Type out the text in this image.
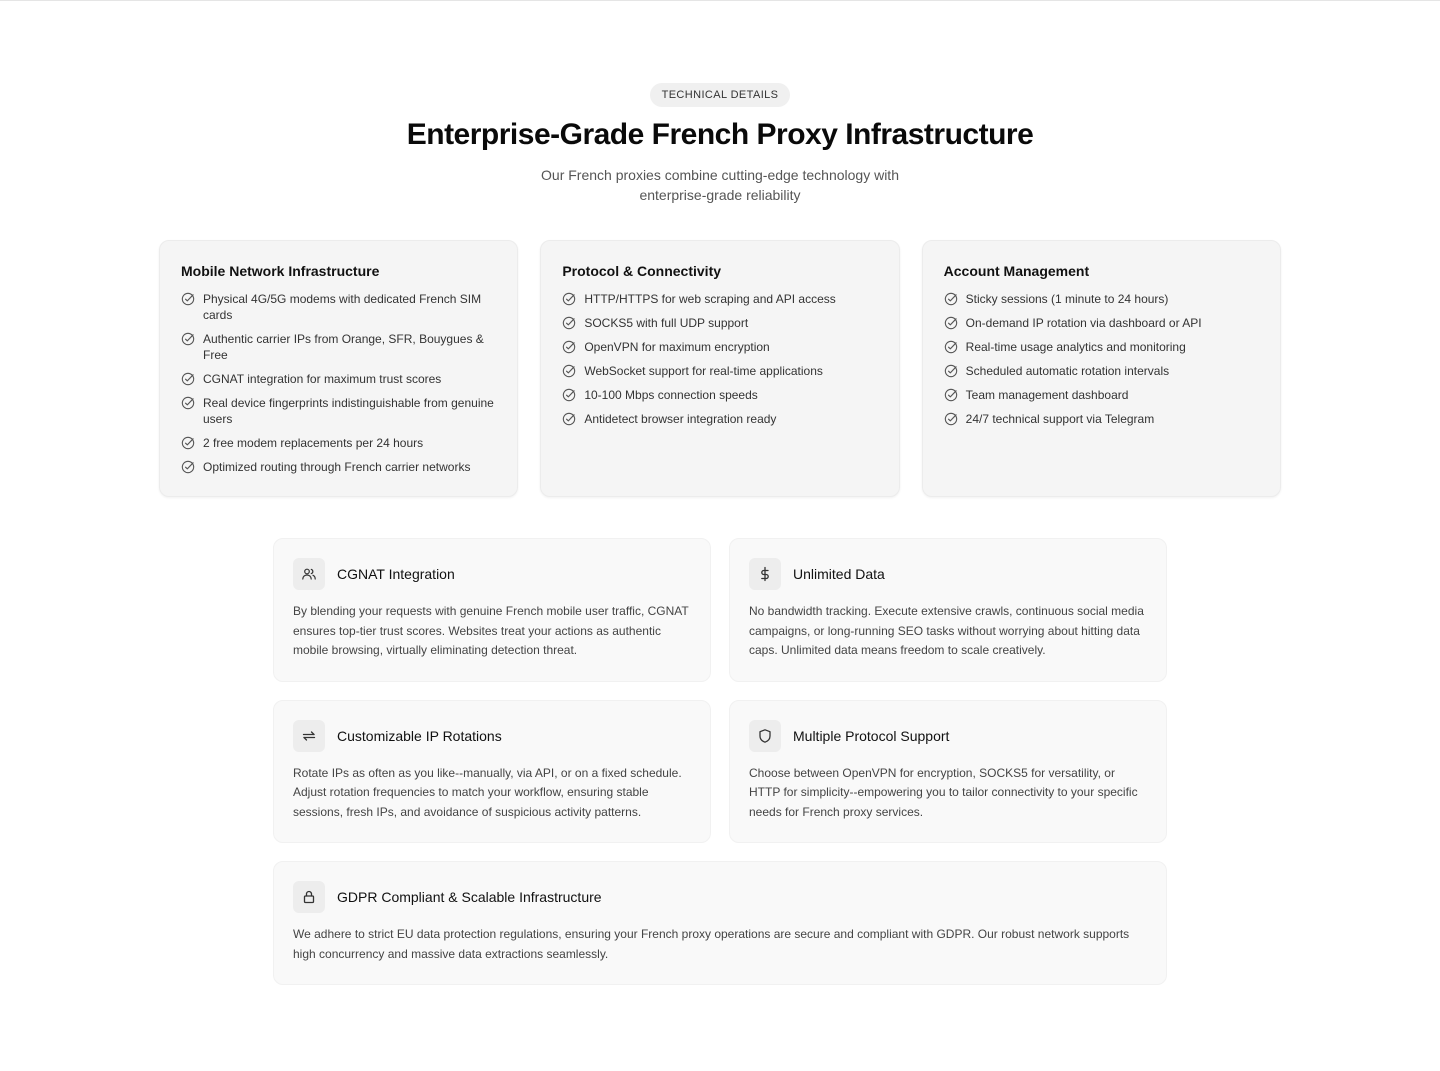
TECHNICAL DETAILS
Enterprise-Grade French Proxy Infrastructure

Our French proxies combine cutting-edge technology with enterprise-grade reliability

Mobile Network Infrastructure
Physical 4G/5G modems with dedicated French SIM cards
Authentic carrier IPs from Orange, SFR, Bouygues & Free
CGNAT integration for maximum trust scores
Real device fingerprints indistinguishable from genuine users
2 free modem replacements per 24 hours
Optimized routing through French carrier networks
Protocol & Connectivity
HTTP/HTTPS for web scraping and API access
SOCKS5 with full UDP support
OpenVPN for maximum encryption
WebSocket support for real-time applications
10-100 Mbps connection speeds
Antidetect browser integration ready
Account Management
Sticky sessions (1 minute to 24 hours)
On-demand IP rotation via dashboard or API
Real-time usage analytics and monitoring
Scheduled automatic rotation intervals
Team management dashboard
24/7 technical support via Telegram
CGNAT Integration

By blending your requests with genuine French mobile user traffic, CGNAT ensures top-tier trust scores. Websites treat your actions as authentic mobile browsing, virtually eliminating detection threat.

Unlimited Data

No bandwidth tracking. Execute extensive crawls, continuous social media campaigns, or long-running SEO tasks without worrying about hitting data caps. Unlimited data means freedom to scale creatively.

Customizable IP Rotations

Rotate IPs as often as you like--manually, via API, or on a fixed schedule. Adjust rotation frequencies to match your workflow, ensuring stable sessions, fresh IPs, and avoidance of suspicious activity patterns.

Multiple Protocol Support

Choose between OpenVPN for encryption, SOCKS5 for versatility, or HTTP for simplicity--empowering you to tailor connectivity to your specific needs for French proxy services.

GDPR Compliant & Scalable Infrastructure

We adhere to strict EU data protection regulations, ensuring your French proxy operations are secure and compliant with GDPR. Our robust network supports high concurrency and massive data extractions seamlessly.
